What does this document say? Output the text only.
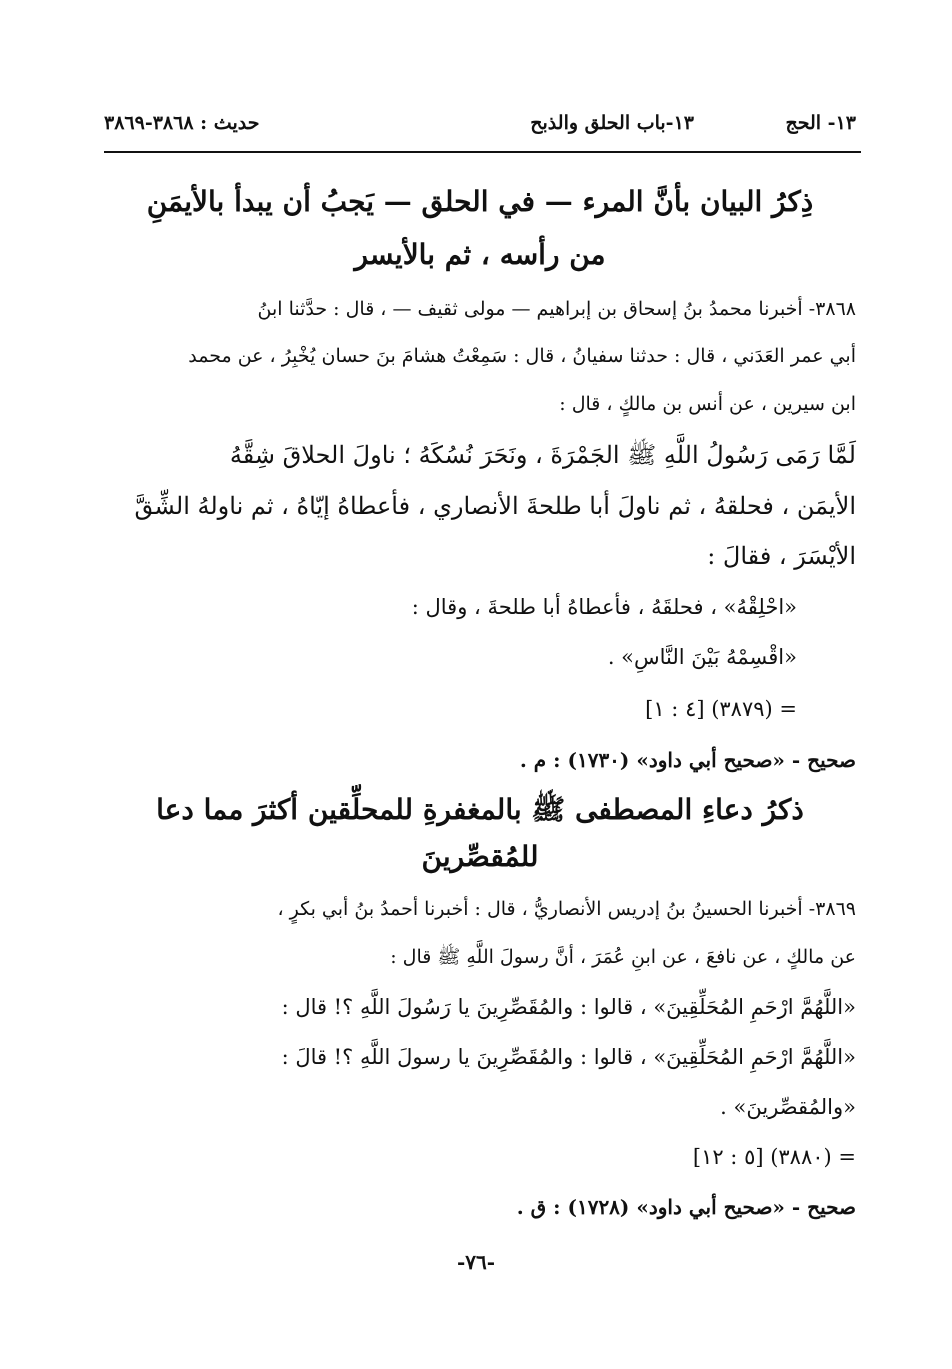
١٣- الحج
١٣-باب الحلق والذبح
حديث : ٣٨٦٨-٣٨٦٩
ذِكرُ البيان بأنَّ المرء — في الحلق — يَجبُ أن يبدأ بالأيمَنِ
من رأسه ، ثم بالأيسر
٣٨٦٨- أخبرنا محمدُ بنُ إسحاق بن إبراهيم — مولى ثقيف — ، قال : حدَّثنا ابنُ
أبي عمر العَدَني ، قال : حدثنا سفيانُ ، قال : سَمِعْتُ هشامَ بنَ حسان يُخْبِرُ ، عن محمد
ابن سيرين ، عن أنس بن مالكٍ ، قال :
لَمَّا رَمَى رَسُولُ اللَّهِ ﷺ الجَمْرَةَ ، ونَحَرَ نُسُكَهُ ؛ ناولَ الحلاقَ شِقَّهُ
الأيمَن ، فحلقهُ ، ثم ناولَ أبا طلحةَ الأنصاري ، فأعطاهُ إيّاهُ ، ثم ناولهُ الشِّقَّ
الأيْسَرَ ، فقالَ :
«احْلِقْهُ» ، فحلقَهُ ، فأعطاهُ أبا طلحةَ ، وقال :
«اقْسِمْهُ بَيْنَ النَّاسِ» .
= (٣٨٧٩) [٤ : ١]
صحيح - «صحيح أبي داود» (١٧٣٠) : م .
ذكرُ دعاءِ المصطفى ﷺ بالمغفرةِ للمحلِّقين أكثرَ مما دعا
للمُقصِّرينَ
٣٨٦٩- أخبرنا الحسينُ بنُ إدريس الأنصاريُّ ، قال : أخبرنا أحمدُ بنُ أبي بكرٍ ،
عن مالكٍ ، عن نافعَ ، عن ابنِ عُمَرَ ، أنَّ رسولَ اللَّهِ ﷺ قال :
«اللَّهُمَّ ارْحَمِ المُحَلِّقِينَ» ، قالوا : والمُقَصِّرِينَ يا رَسُولَ اللَّهِ ؟! قال :
«اللَّهُمَّ ارْحَمِ المُحَلِّقِينَ» ، قالوا : والمُقَصِّرِينَ يا رسولَ اللَّهِ ؟! قالَ :
«والمُقصِّرينَ» .
= (٣٨٨٠) [٥ : ١٢]
صحيح - «صحيح أبي داود» (١٧٢٨) : ق .
-٧٦-
